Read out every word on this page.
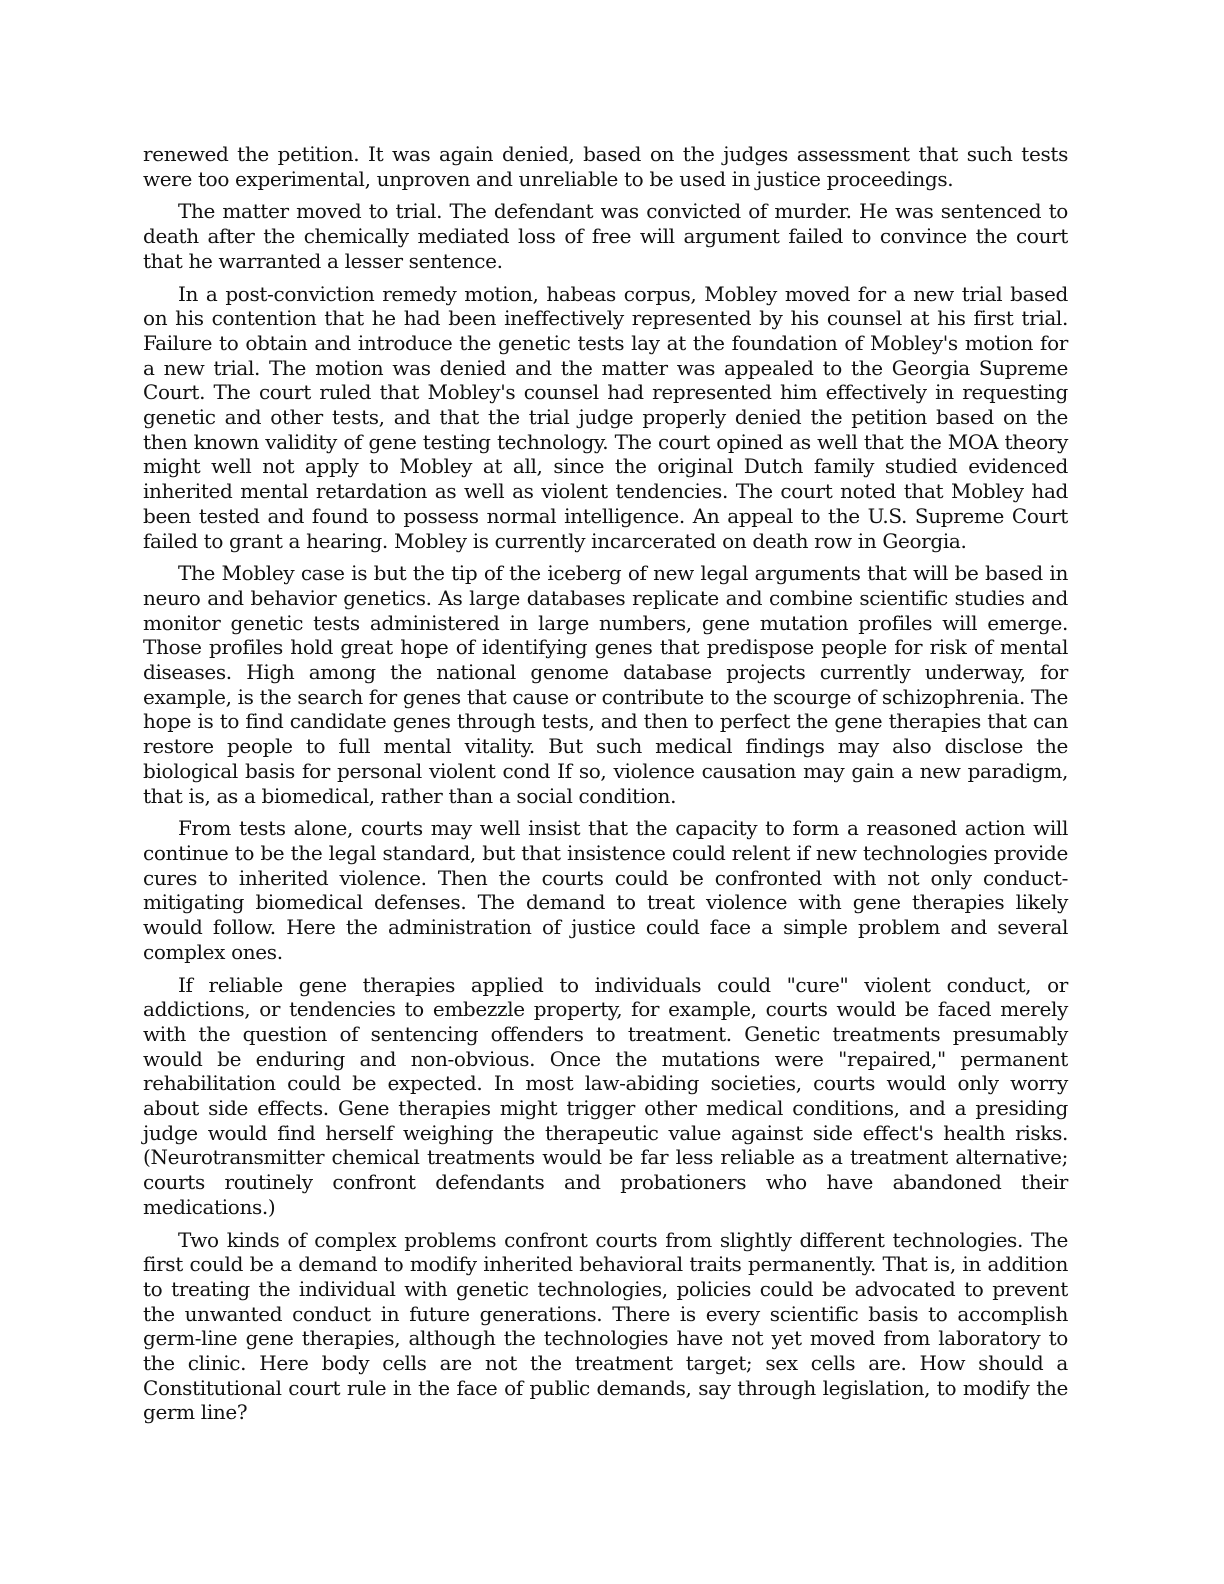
renewed the petition. It was again denied, based on the judges assessment that such tests were too experimental, unproven and unreliable to be used in justice proceedings.

The matter moved to trial. The defendant was convicted of murder. He was sentenced to death after the chemically mediated loss of free will argument failed to convince the court that he warranted a lesser sentence.

In a post-conviction remedy motion, habeas corpus, Mobley moved for a new trial based on his contention that he had been ineffectively represented by his counsel at his first trial. Failure to obtain and introduce the genetic tests lay at the foundation of Mobley's motion for a new trial. The motion was denied and the matter was appealed to the Georgia Supreme Court. The court ruled that Mobley's counsel had represented him effectively in requesting genetic and other tests, and that the trial judge properly denied the petition based on the then known validity of gene testing technology. The court opined as well that the MOA theory might well not apply to Mobley at all, since the original Dutch family studied evidenced inherited mental retardation as well as violent tendencies. The court noted that Mobley had been tested and found to possess normal intelligence. An appeal to the U.S. Supreme Court failed to grant a hearing. Mobley is currently incarcerated on death row in Georgia.

The Mobley case is but the tip of the iceberg of new legal arguments that will be based in neuro and behavior genetics. As large databases replicate and combine scientific studies and monitor genetic tests administered in large numbers, gene mutation profiles will emerge. Those profiles hold great hope of identifying genes that predispose people for risk of mental diseases. High among the national genome database projects currently underway, for example, is the search for genes that cause or contribute to the scourge of schizophrenia. The hope is to find candidate genes through tests, and then to perfect the gene therapies that can restore people to full mental vitality. But such medical findings may also disclose the biological basis for personal violent cond If so, violence causation may gain a new paradigm, that is, as a biomedical, rather than a social condition.

From tests alone, courts may well insist that the capacity to form a reasoned action will continue to be the legal standard, but that insistence could relent if new technologies provide cures to inherited violence. Then the courts could be confronted with not only conduct-mitigating biomedical defenses. The demand to treat violence with gene therapies likely would follow. Here the administration of justice could face a simple problem and several complex ones.

If reliable gene therapies applied to individuals could "cure" violent conduct, or addictions, or tendencies to embezzle property, for example, courts would be faced merely with the question of sentencing offenders to treatment. Genetic treatments presumably would be enduring and non-obvious. Once the mutations were "repaired," permanent rehabilitation could be expected. In most law-abiding societies, courts would only worry about side effects. Gene therapies might trigger other medical conditions, and a presiding judge would find herself weighing the therapeutic value against side effect's health risks. (Neurotransmitter chemical treatments would be far less reliable as a treatment alternative; courts routinely confront defendants and probationers who have abandoned their medications.)

Two kinds of complex problems confront courts from slightly different technologies. The first could be a demand to modify inherited behavioral traits permanently. That is, in addition to treating the individual with genetic technologies, policies could be advocated to prevent the unwanted conduct in future generations. There is every scientific basis to accomplish germ-line gene therapies, although the technologies have not yet moved from laboratory to the clinic. Here body cells are not the treatment target; sex cells are. How should a Constitutional court rule in the face of public demands, say through legislation, to modify the germ line?
